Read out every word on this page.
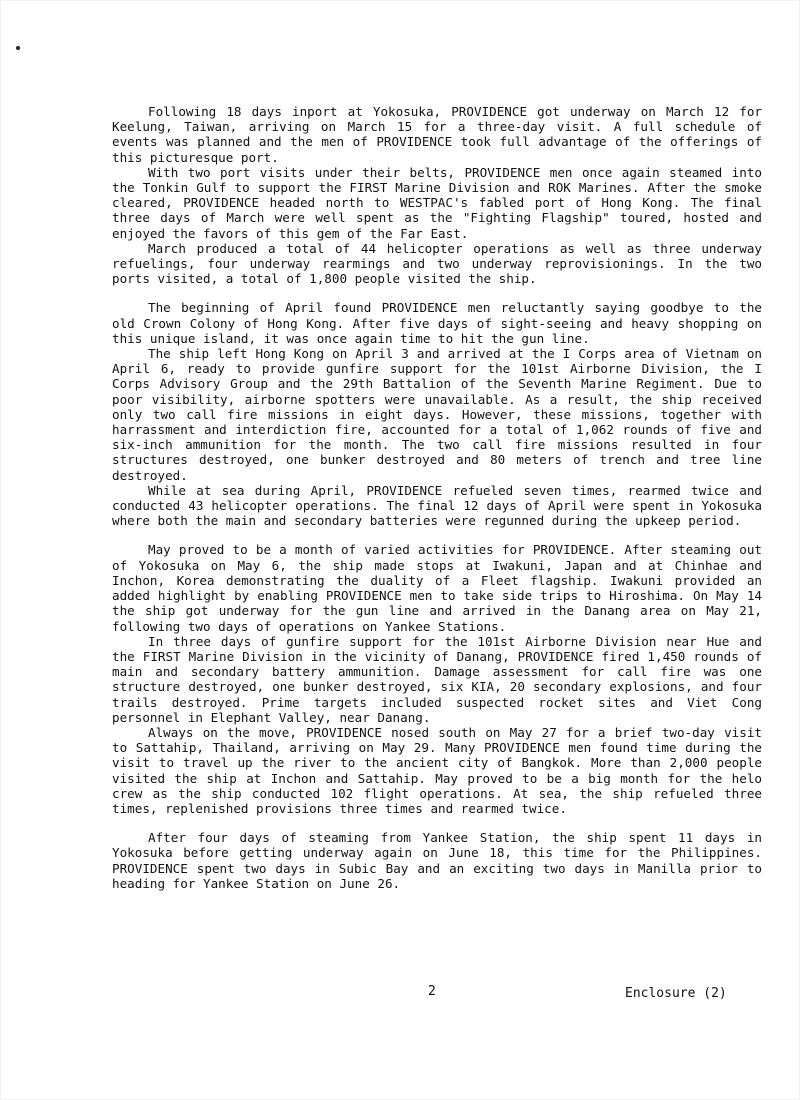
Following 18 days inport at Yokosuka, PROVIDENCE got underway on March 12 for Keelung, Taiwan, arriving on March 15 for a three-day visit. A full schedule of events was planned and the men of PROVIDENCE took full advantage of the offerings of this picturesque port.

With two port visits under their belts, PROVIDENCE men once again steamed into the Tonkin Gulf to support the FIRST Marine Division and ROK Marines. After the smoke cleared, PROVIDENCE headed north to WESTPAC's fabled port of Hong Kong. The final three days of March were well spent as the "Fighting Flagship" toured, hosted and enjoyed the favors of this gem of the Far East.

March produced a total of 44 helicopter operations as well as three underway refuelings, four underway rearmings and two underway reprovisionings. In the two ports visited, a total of 1,800 people visited the ship.

The beginning of April found PROVIDENCE men reluctantly saying goodbye to the old Crown Colony of Hong Kong. After five days of sight-seeing and heavy shopping on this unique island, it was once again time to hit the gun line.

The ship left Hong Kong on April 3 and arrived at the I Corps area of Vietnam on April 6, ready to provide gunfire support for the 101st Airborne Division, the I Corps Advisory Group and the 29th Battalion of the Seventh Marine Regiment. Due to poor visibility, airborne spotters were unavailable. As a result, the ship received only two call fire missions in eight days. However, these missions, together with harrassment and interdiction fire, accounted for a total of 1,062 rounds of five and six-inch ammunition for the month. The two call fire missions resulted in four structures destroyed, one bunker destroyed and 80 meters of trench and tree line destroyed.

While at sea during April, PROVIDENCE refueled seven times, rearmed twice and conducted 43 helicopter operations. The final 12 days of April were spent in Yokosuka where both the main and secondary batteries were regunned during the upkeep period.

May proved to be a month of varied activities for PROVIDENCE. After steaming out of Yokosuka on May 6, the ship made stops at Iwakuni, Japan and at Chinhae and Inchon, Korea demonstrating the duality of a Fleet flagship. Iwakuni provided an added highlight by enabling PROVIDENCE men to take side trips to Hiroshima. On May 14 the ship got underway for the gun line and arrived in the Danang area on May 21, following two days of operations on Yankee Stations.

In three days of gunfire support for the 101st Airborne Division near Hue and the FIRST Marine Division in the vicinity of Danang, PROVIDENCE fired 1,450 rounds of main and secondary battery ammunition. Damage assessment for call fire was one structure destroyed, one bunker destroyed, six KIA, 20 secondary explosions, and four trails destroyed. Prime targets included suspected rocket sites and Viet Cong personnel in Elephant Valley, near Danang.

Always on the move, PROVIDENCE nosed south on May 27 for a brief two-day visit to Sattahip, Thailand, arriving on May 29. Many PROVIDENCE men found time during the visit to travel up the river to the ancient city of Bangkok. More than 2,000 people visited the ship at Inchon and Sattahip. May proved to be a big month for the helo crew as the ship conducted 102 flight operations. At sea, the ship refueled three times, replenished provisions three times and rearmed twice.

After four days of steaming from Yankee Station, the ship spent 11 days in Yokosuka before getting underway again on June 18, this time for the Philippines. PROVIDENCE spent two days in Subic Bay and an exciting two days in Manilla prior to heading for Yankee Station on June 26.

2	Enclosure (2)
